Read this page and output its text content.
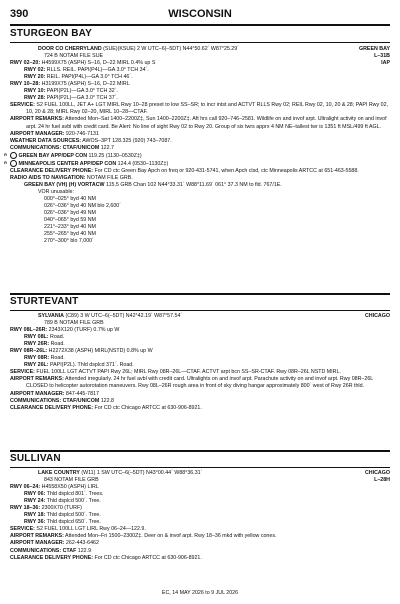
390	WISCONSIN
STURGEON BAY
GREEN BAY
L–31B
IAP
DOOR CO CHERRYLAND (SUE)(KSUE) 2 W UTC–6(–5DT) N44°50.62´ W87°25.29´
724 B NOTAM FILE SUE
RWY 02–20: H4599X75 (ASPH) S–16, D–22 MIRL 0.4% up S
RWY 02: RLLS. REIL. PAPI(P4L)—GA 3.0° TCH 34´.
RWY 20: REIL. PAPI(P4L)—GA 3.0° TCH 46´.
RWY 10–28: H3199X75 (ASPH) S–16, D–22 MIRL
RWY 10: PAPI(P2L)—GA 3.0° TCH 32´.
RWY 28: PAPI(P2L)—GA 3.0° TCH 37´.
SERVICE: S2 FUEL 100LL, JET A+ LGT MIRL Rwy 10–28 preset to low SS–SR; to incr intst and ACTVT RLLS Rwy 02; REIL Rwy 02, 10, 20 & 28; PAPI Rwy 02, 10, 20 & 28; MIRL Rwy 02–20, MIRL 10–28—CTAF.
AIRPORT REMARKS: Attended Mon–Sat 1400–2200Z‡, Sun 1400–2200Z‡. Aft hrs call 920–746–2581. Wildlife on and invof arpt. Ultralight activity on and invof arpt. 24 hr fuel avbl with credit card. Be Alert: No line of sight Rwy 02 to Rwy 20. Group of six twrs apprx 4 NM NE–tallest twr is 1351 ft MSL/499 ft AGL.
AIRPORT MANAGER: 920-746-7131
WEATHER DATA SOURCES: AWOS–3PT 128.325 (920) 743–7087.
COMMUNICATIONS: CTAF/UNICOM 122.7
R GREEN BAY APP/DEP CON 119.25 (1130–0530Z‡)
R MINNEAPOLIS CENTER APP/DEP CON 124.4 (0530–1130Z‡)
CLEARANCE DELIVERY PHONE: For CD ctc Green Bay Apch on freq or 920-431-5741, when Apch clsd, ctc Minneapolis ARTCC at 651-463-5588.
RADIO AIDS TO NAVIGATION: NOTAM FILE GRB.
GREEN BAY (VH) (H) VORTACW 115.5 GRB Chan 102 N44°33.31´ W88°11.69´ 061° 37.3 NM to fld. 767/1E.
VOR unusable:
000°–025° byd 40 NM
026°–036° byd 40 NM blo 2,600´
026°–036° byd 49 NM
040°–065° byd 59 NM
221°–233° byd 40 NM
255°–265° byd 40 NM
270°–300° blo 7,000´
STURTEVANT
CHICAGO
SYLVANIA (C89) 3 W UTC–6(–5DT) N42°42.19´ W87°57.54´
789 B NOTAM FILE GRB
RWY 08L–26R: 2343X120 (TURF) 0.7% up W
RWY 08L: Road.
RWY 26R: Road.
RWY 08R–26L: H2272X38 (ASPH) MIRL(NSTD) 0.8% up W
RWY 08R: Road.
RWY 26L: PAPI(P2L). Thld dsplcd 371´. Road.
SERVICE: FUEL 100LL LGT ACTVT PAPI Rwy 26L; MIRL Rwy 08R–26L—CTAF. ACTVT arpt bcn SS–SR-CTAF. Rwy 08R–26L NSTD MIRL.
AIRPORT REMARKS: Attended irregularly. 24 hr fuel avbl with credit card. Ultralights on and invof arpt. Parachute activity on and invof arpt. Rwy 08R–26L CLOSED to helicopter autorotation maneuvers. Rwy 08L–26R rough area in front of sky diving hangar approximately 800´ west of Rwy 26R thld.
AIRPORT MANAGER: 847-445-7817
COMMUNICATIONS: CTAF/UNICOM 122.8
CLEARANCE DELIVERY PHONE: For CD ctc Chicago ARTCC at 630-906-8921.
SULLIVAN
CHICAGO
L–28H
LAKE COUNTRY (W11) 1 SW UTC–6(–5DT) N43°00.44´ W88°36.31´
843 NOTAM FILE GRB
RWY 06–24: H4558X50 (ASPH) LIRL
RWY 06: Thld dsplcd 801´. Trees.
RWY 24: Thld dsplcd 500´. Tree.
RWY 18–36: 2300X70 (TURF)
RWY 18: Thld dsplcd 500´. Tree.
RWY 36: Thld dsplcd 650´. Tree.
SERVICE: S2 FUEL 100LL LGT LIRL Rwy 06–24—122.9.
AIRPORT REMARKS: Attended Mon–Fri 1500–2300Z‡. Deer on & invof arpt. Rwy 18–36 mkd with yellow cones.
AIRPORT MANAGER: 262-443-6462
COMMUNICATIONS: CTAF 122.9
CLEARANCE DELIVERY PHONE: For CD ctc Chicago ARTCC at 630-906-8921.
EC, 14 MAY 2026 to 9 JUL 2026
